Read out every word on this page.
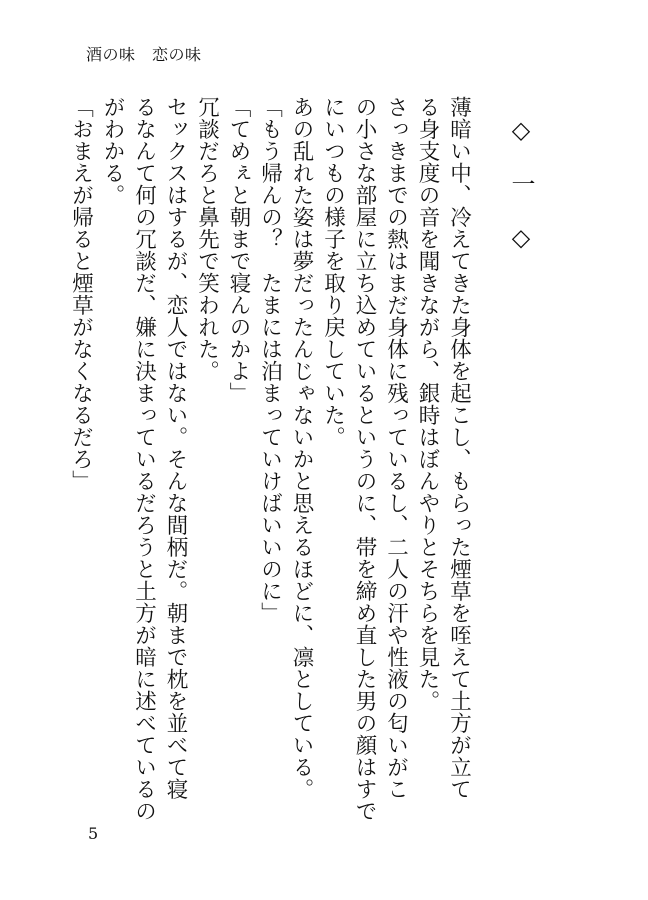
酒の味　恋の味
◇ 一 ◇
薄暗い中、冷えてきた身体を起こし、もらった煙草を咥えて土方が立て
る身支度の音を聞きながら、銀時はぼんやりとそちらを見た。
さっきまでの熱はまだ身体に残っているし、二人の汗や性液の匂いがこ
の小さな部屋に立ち込めているというのに、帯を締め直した男の顔はすで
にいつもの様子を取り戻していた。
あの乱れた姿は夢だったんじゃないかと思えるほどに、凛としている。
「もう帰んの？　たまには泊まっていけばいいのに」
「てめぇと朝まで寝んのかよ」
冗談だろと鼻先で笑われた。
セックスはするが、恋人ではない。そんな間柄だ。朝まで枕を並べて寝
るなんて何の冗談だ、嫌に決まっているだろうと土方が暗に述べているの
がわかる。
「おまえが帰ると煙草がなくなるだろ」
5
